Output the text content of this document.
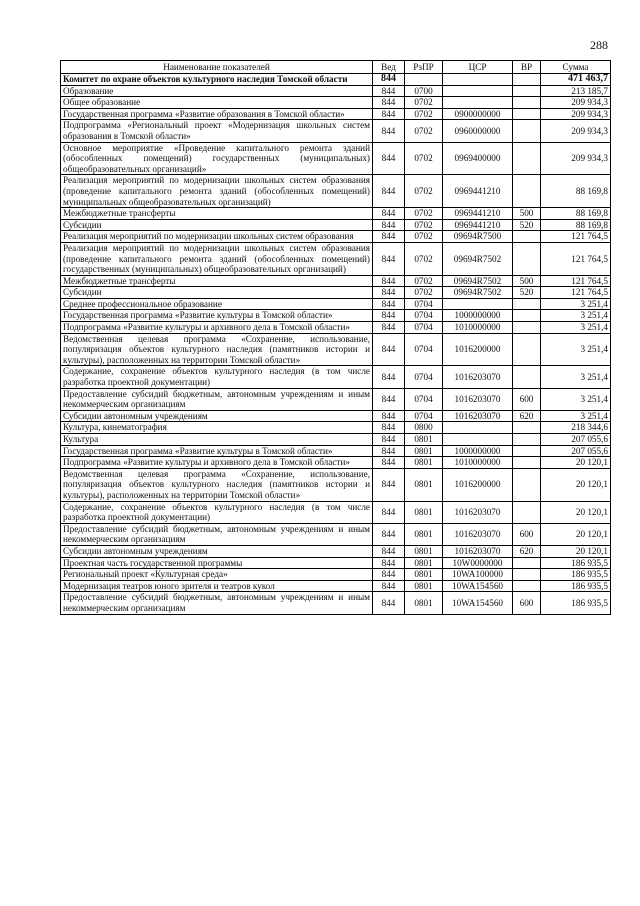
288
Наименование показателей	Вед	РзПР	ЦСР	ВР	Сумма
Комитет по охране объектов культурного наследия Томской области	844				471 463,7
Образование	844	0700			213 185,7
Общее образование	844	0702			209 934,3
Государственная программа «Развитие образования в Томской области»	844	0702	0900000000		209 934,3
Подпрограмма «Региональный проект «Модернизация школьных систем образования в Томской области»	844	0702	0960000000		209 934,3
Основное мероприятие «Проведение капитального ремонта зданий (обособленных помещений) государственных (муниципальных) общеобразовательных организаций»	844	0702	0969400000		209 934,3
Реализация мероприятий по модернизации школьных систем образования (проведение капитального ремонта зданий (обособленных помещений) муниципальных общеобразовательных организаций)	844	0702	0969441210		88 169,8
Межбюджетные трансферты	844	0702	0969441210	500	88 169,8
Субсидии	844	0702	0969441210	520	88 169,8
Реализация мероприятий по модернизации школьных систем образования	844	0702	09694R7500		121 764,5
Реализация мероприятий по модернизации школьных систем образования (проведение капитального ремонта зданий (обособленных помещений) государственных (муниципальных) общеобразовательных организаций)	844	0702	09694R7502		121 764,5
Межбюджетные трансферты	844	0702	09694R7502	500	121 764,5
Субсидии	844	0702	09694R7502	520	121 764,5
Среднее профессиональное образование	844	0704			3 251,4
Государственная программа «Развитие культуры в Томской области»	844	0704	1000000000		3 251,4
Подпрограмма «Развитие культуры и архивного дела в Томской области»	844	0704	1010000000		3 251,4
Ведомственная целевая программа «Сохранение, использование, популяризация объектов культурного наследия (памятников истории и культуры), расположенных на территории Томской области»	844	0704	1016200000		3 251,4
Содержание, сохранение объектов культурного наследия (в том числе разработка проектной документации)	844	0704	1016203070		3 251,4
Предоставление субсидий бюджетным, автономным учреждениям и иным некоммерческим организациям	844	0704	1016203070	600	3 251,4
Субсидии автономным учреждениям	844	0704	1016203070	620	3 251,4
Культура, кинематография	844	0800			218 344,6
Культура	844	0801			207 055,6
Государственная программа «Развитие культуры в Томской области»	844	0801	1000000000		207 055,6
Подпрограмма «Развитие культуры и архивного дела в Томской области»	844	0801	1010000000		20 120,1
Ведомственная целевая программа «Сохранение, использование, популяризация объектов культурного наследия (памятников истории и культуры), расположенных на территории Томской области»	844	0801	1016200000		20 120,1
Содержание, сохранение объектов культурного наследия (в том числе разработка проектной документации)	844	0801	1016203070		20 120,1
Предоставление субсидий бюджетным, автономным учреждениям и иным некоммерческим организациям	844	0801	1016203070	600	20 120,1
Субсидии автономным учреждениям	844	0801	1016203070	620	20 120,1
Проектная часть государственной программы	844	0801	10W0000000		186 935,5
Региональный проект «Культурная среда»	844	0801	10WA100000		186 935,5
Модернизация театров юного зрителя и театров кукол	844	0801	10WA154560		186 935,5
Предоставление субсидий бюджетным, автономным учреждениям и иным некоммерческим организациям	844	0801	10WA154560	600	186 935,5
